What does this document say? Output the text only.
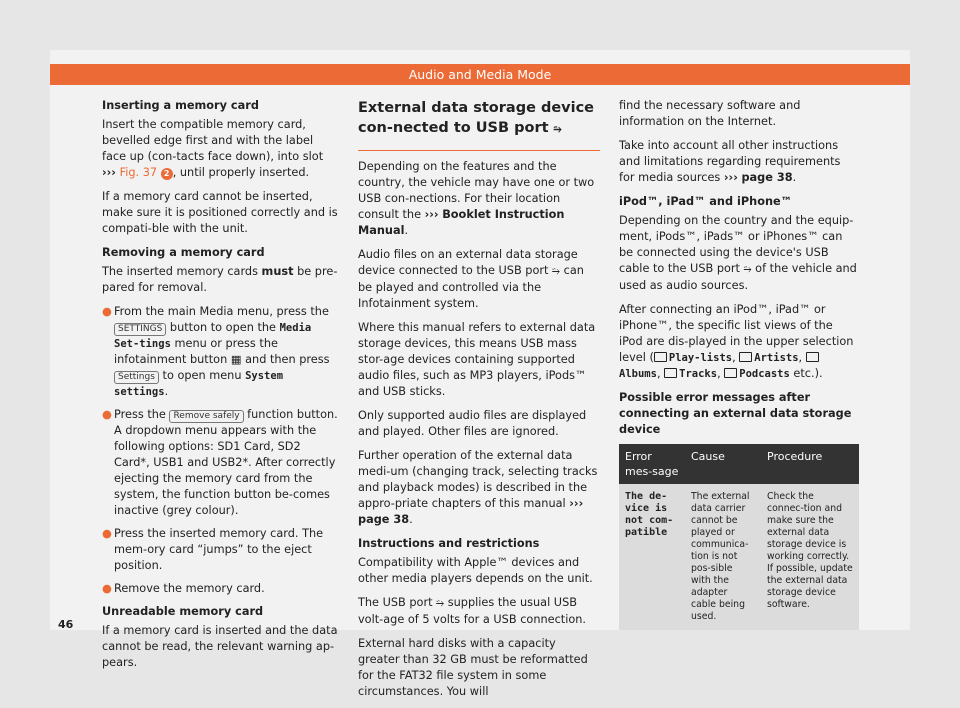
Audio and Media Mode

Inserting a memory card

Insert the compatible memory card, bevelled edge first and with the label face up (con-tacts face down), into slot ››› Fig. 37 2 , until properly inserted.

If a memory card cannot be inserted, make sure it is positioned correctly and is compati-ble with the unit.

Removing a memory card

The inserted memory cards must be pre-pared for removal.

● From the main Media menu, press the SETTINGS button to open the Media Set-tings menu or press the infotainment button ▦ and then press Settings to open menu System settings.
● Press the Remove safely function button. A dropdown menu appears with the following options: SD1 Card, SD2 Card*, USB1 and USB2*. After correctly ejecting the memory card from the system, the function button be-comes inactive (grey colour).
● Press the inserted memory card. The mem-ory card “jumps” to the eject position.
● Remove the memory card.

Unreadable memory card

If a memory card is inserted and the data cannot be read, the relevant warning ap-pears.

External data storage device con-nected to USB port ⭇

Depending on the features and the country, the vehicle may have one or two USB con-nections. For their location consult the ››› Booklet Instruction Manual.

Audio files on an external data storage device connected to the USB port ⭇ can be played and controlled via the Infotainment system.

Where this manual refers to external data storage devices, this means USB mass stor-age devices containing supported audio files, such as MP3 players, iPods™ and USB sticks.

Only supported audio files are displayed and played. Other files are ignored.

Further operation of the external data medi-um (changing track, selecting tracks and playback modes) is described in the appro-priate chapters of this manual ››› page 38.

Instructions and restrictions

Compatibility with Apple™ devices and other media players depends on the unit.

The USB port ⭇ supplies the usual USB volt-age of 5 volts for a USB connection.

External hard disks with a capacity greater than 32 GB must be reformatted for the FAT32 file system in some circumstances. You will

find the necessary software and information on the Internet.

Take into account all other instructions and limitations regarding requirements for media sources ››› page 38.

iPod™, iPad™ and iPhone™

Depending on the country and the equip-ment, iPods™, iPads™ or iPhones™ can be connected using the device's USB cable to the USB port ⭇ of the vehicle and used as audio sources.

After connecting an iPod™, iPad™ or iPhone™, the specific list views of the iPod are dis-played in the upper selection level ( Play-lists, Artists, Albums, Tracks, Podcasts etc.).

Possible error messages after connecting an external data storage device

Error mes-sage	Cause	Procedure
The de-vice is not com-patible	The external data carrier cannot be played or communica-tion is not pos-sible with the adapter cable being used.	Check the connec-tion and make sure the external data storage device is working correctly. If possible, update the external data storage device software.
46
